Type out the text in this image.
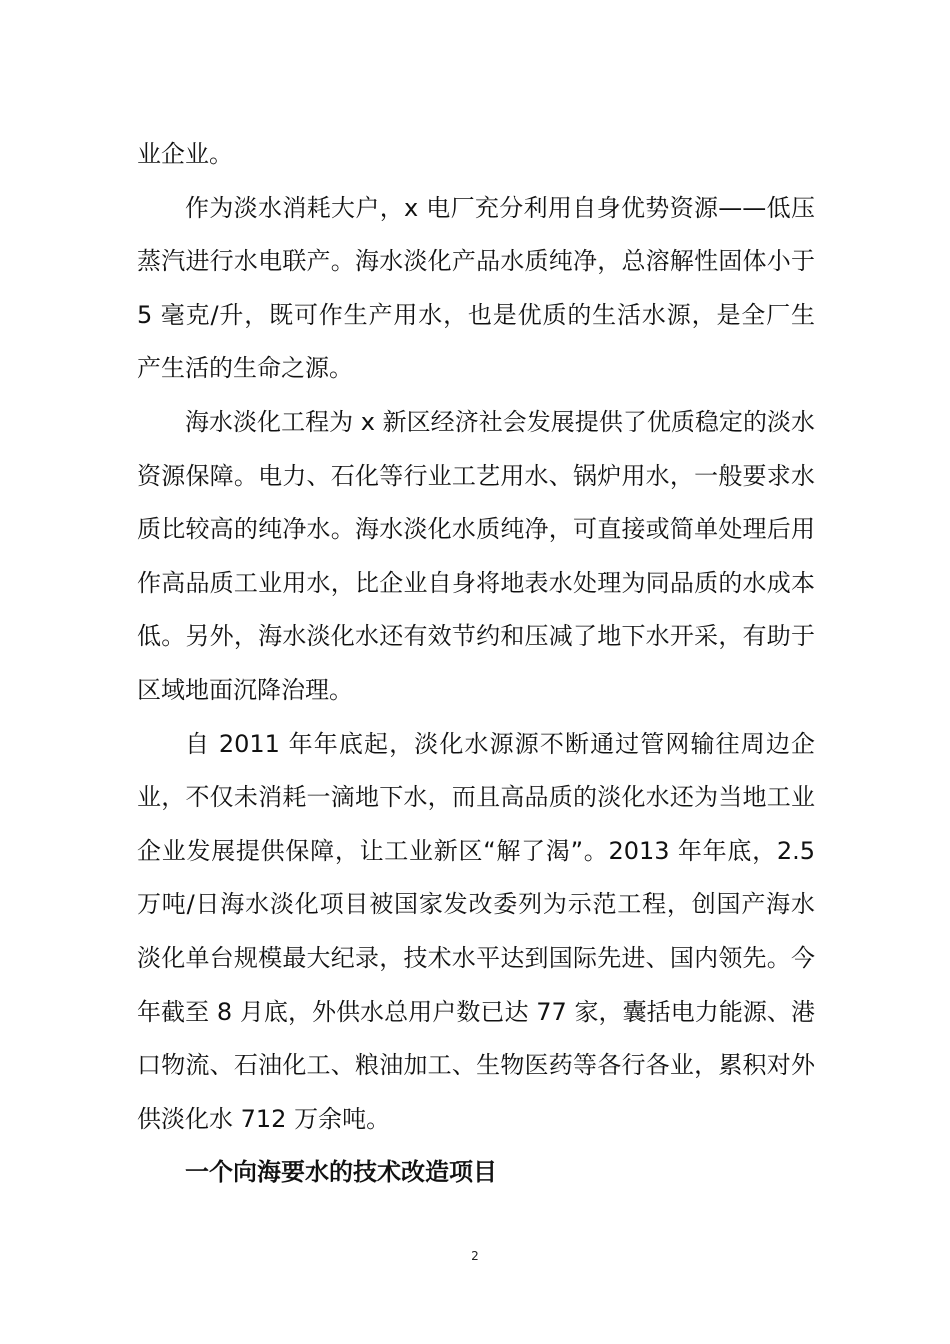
业企业。

作为淡水消耗大户，x 电厂充分利用自身优势资源——低压蒸汽进行水电联产。海水淡化产品水质纯净，总溶解性固体小于 5 毫克/升，既可作生产用水，也是优质的生活水源，是全厂生产生活的生命之源。

海水淡化工程为 x 新区经济社会发展提供了优质稳定的淡水资源保障。电力、石化等行业工艺用水、锅炉用水，一般要求水质比较高的纯净水。海水淡化水质纯净，可直接或简单处理后用作高品质工业用水，比企业自身将地表水处理为同品质的水成本低。另外，海水淡化水还有效节约和压减了地下水开采，有助于区域地面沉降治理。

自 2011 年年底起，淡化水源源不断通过管网输往周边企业，不仅未消耗一滴地下水，而且高品质的淡化水还为当地工业企业发展提供保障，让工业新区“解了渴”。2013 年年底，2.5 万吨/日海水淡化项目被国家发改委列为示范工程，创国产海水淡化单台规模最大纪录，技术水平达到国际先进、国内领先。今年截至 8 月底，外供水总用户数已达 77 家，囊括电力能源、港口物流、石油化工、粮油加工、生物医药等各行各业，累积对外供淡化水 712 万余吨。

一个向海要水的技术改造项目

2
